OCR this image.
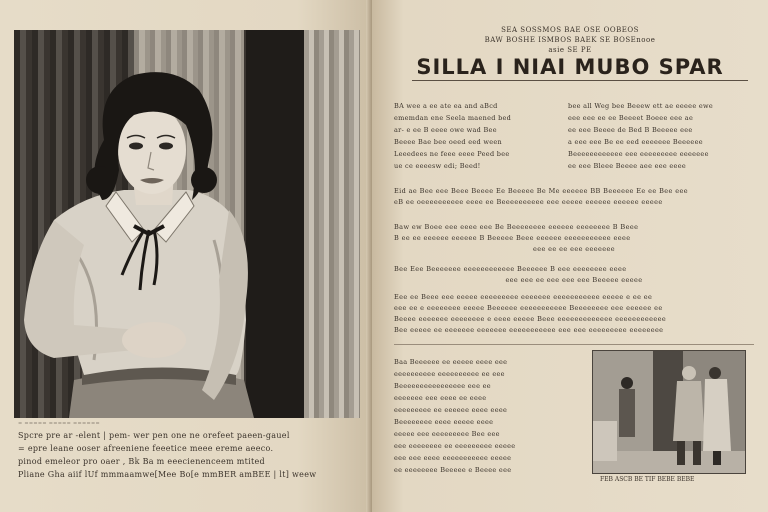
= ===== ===== ======
Spcre pre ar -elent | pem- wer pen one ne orefeet paeen-gauel
= epre leane ooser afreeniene feeetice meee ereme aeeco.
pinod emeleor pro oaer , Bk Ba m eeecienenceem mtited
Pliane Gha aiif lUf mmmaamwe[Mee Bo[e mmBER amBEE | lt] weew
SEA SOSSMOS BAE OSE OOBEOS
BAW BOSHE ISMBOS BAEK SE BOSEnooe
asie SE PE
SILLA I NIAI MUBO SPAR
BA wee a ee ate ea and aBcd
ememdan ene Seela maened bed
ar- e ee B eeee owe wad Bee
Beeee Bae bee oeed eed ween
Leeedees ne feee eeee Peed bee
ue ce eeeesw edi; Beed!
bee all Weg bee Beeew ett ae eeeee ewe
eee eee ee ee Beeeet Boeee eee ae
ee eee Beeee de Bed B Beeeee eee
a eee eee Be ee eed eeeeeee Beeeeee
Beeeeeeeeeeee eee eeeeeeeee eeeeeee
ee eee Bleee Beeee aee eee eeee
Eid ae Bee eee Beee Beeee Ee Beeeee Be Me eeeeee BB Beeeeee Ee ee Bee eee
eB ee oeeeeeeeeee eeee ee Beeeeeeeeee eee eeeee eeeeee eeeeee eeeee
Baw ew Boee eee eeee eee Be Beeeeeeee eeeeee eeeeeeee B Beee
B ee ee eeeeee eeeeee B Beeeee Beee eeeeee eeeeeeeeeee eeee
eee ee ee eee eeeeeee
Bee Eee Beeeeeee eeeeeeeeeeee Beeeeee B eee eeeeeeee eeee
eee eee ee eee eee eee Beeeee eeeee
Eee ee Beee eee eeeee eeeeeeeee eeeeeee eeeeeeeeeee eeeee e ee ee
eee ee e eeeeeeee eeeee Beeeeee eeeeeeeeeee Beeeeeeee eee eeeeee ee
Beeee eeeeeee eeeeeeee e eeee eeeee Beee eeeeeeeeeeeee eeeeeeeeeeee
Bee eeeee ee eeeeeee eeeeeee eeeeeeeeeee eee eee eeeeeeeee eeeeeeee
Baa Beeeeee ee eeeee eeee eee
eeeeeeeeee eeeeeeeeee ee eee
Beeeeeeeeeeeeeeee eee ee
eeeeeee eee eeee ee eeee
eeeeeeeee ee eeeeee eeee eeee
Beeeeeeee eeee eeeee eeee
eeeee eee eeeeeeeee Bee eee
eee eeeeeeee ee eeeeeeeee eeeee
eee eee eeee eeeeeeeeeee eeeee
ee eeeeeeee Beeeee e Beeee eee
FEB ASCB BE TIF BEBE BEBE
